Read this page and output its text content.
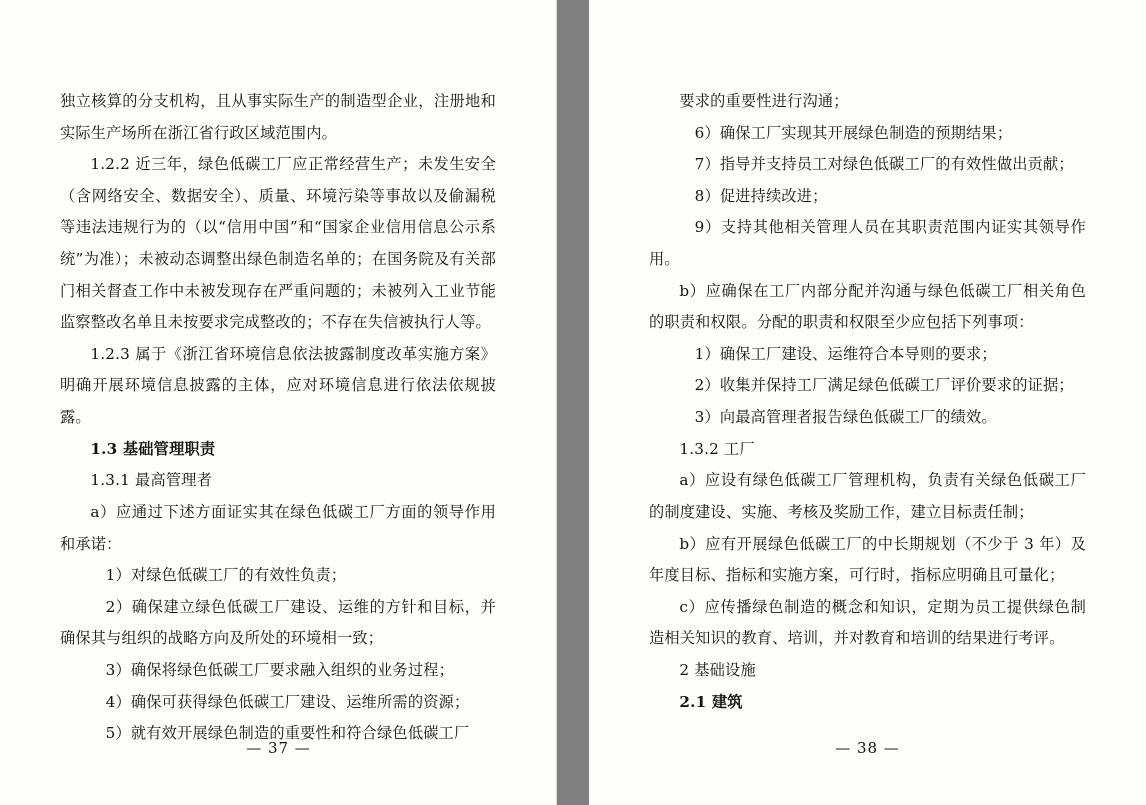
独立核算的分支机构，且从事实际生产的制造型企业，注册地和实际生产场所在浙江省行政区域范围内。

1.2.2 近三年，绿色低碳工厂应正常经营生产；未发生安全（含网络安全、数据安全）、质量、环境污染等事故以及偷漏税等违法违规行为的（以“信用中国”和“国家企业信用信息公示系统”为准）；未被动态调整出绿色制造名单的；在国务院及有关部门相关督查工作中未被发现存在严重问题的；未被列入工业节能监察整改名单且未按要求完成整改的；不存在失信被执行人等。

1.2.3 属于《浙江省环境信息依法披露制度改革实施方案》明确开展环境信息披露的主体，应对环境信息进行依法依规披露。

1.3 基础管理职责

1.3.1 最高管理者

a）应通过下述方面证实其在绿色低碳工厂方面的领导作用和承诺：

1）对绿色低碳工厂的有效性负责；

2）确保建立绿色低碳工厂建设、运维的方针和目标，并确保其与组织的战略方向及所处的环境相一致；

3）确保将绿色低碳工厂要求融入组织的业务过程；

4）确保可获得绿色低碳工厂建设、运维所需的资源；

5）就有效开展绿色制造的重要性和符合绿色低碳工厂

— 37 —

要求的重要性进行沟通；

6）确保工厂实现其开展绿色制造的预期结果；

7）指导并支持员工对绿色低碳工厂的有效性做出贡献；

8）促进持续改进；

9）支持其他相关管理人员在其职责范围内证实其领导作用。

b）应确保在工厂内部分配并沟通与绿色低碳工厂相关角色的职责和权限。分配的职责和权限至少应包括下列事项：

1）确保工厂建设、运维符合本导则的要求；

2）收集并保持工厂满足绿色低碳工厂评价要求的证据；

3）向最高管理者报告绿色低碳工厂的绩效。

1.3.2 工厂

a）应设有绿色低碳工厂管理机构，负责有关绿色低碳工厂的制度建设、实施、考核及奖励工作，建立目标责任制；

b）应有开展绿色低碳工厂的中长期规划（不少于 3 年）及年度目标、指标和实施方案，可行时，指标应明确且可量化；

c）应传播绿色制造的概念和知识，定期为员工提供绿色制造相关知识的教育、培训，并对教育和培训的结果进行考评。

2 基础设施

2.1 建筑

— 38 —
